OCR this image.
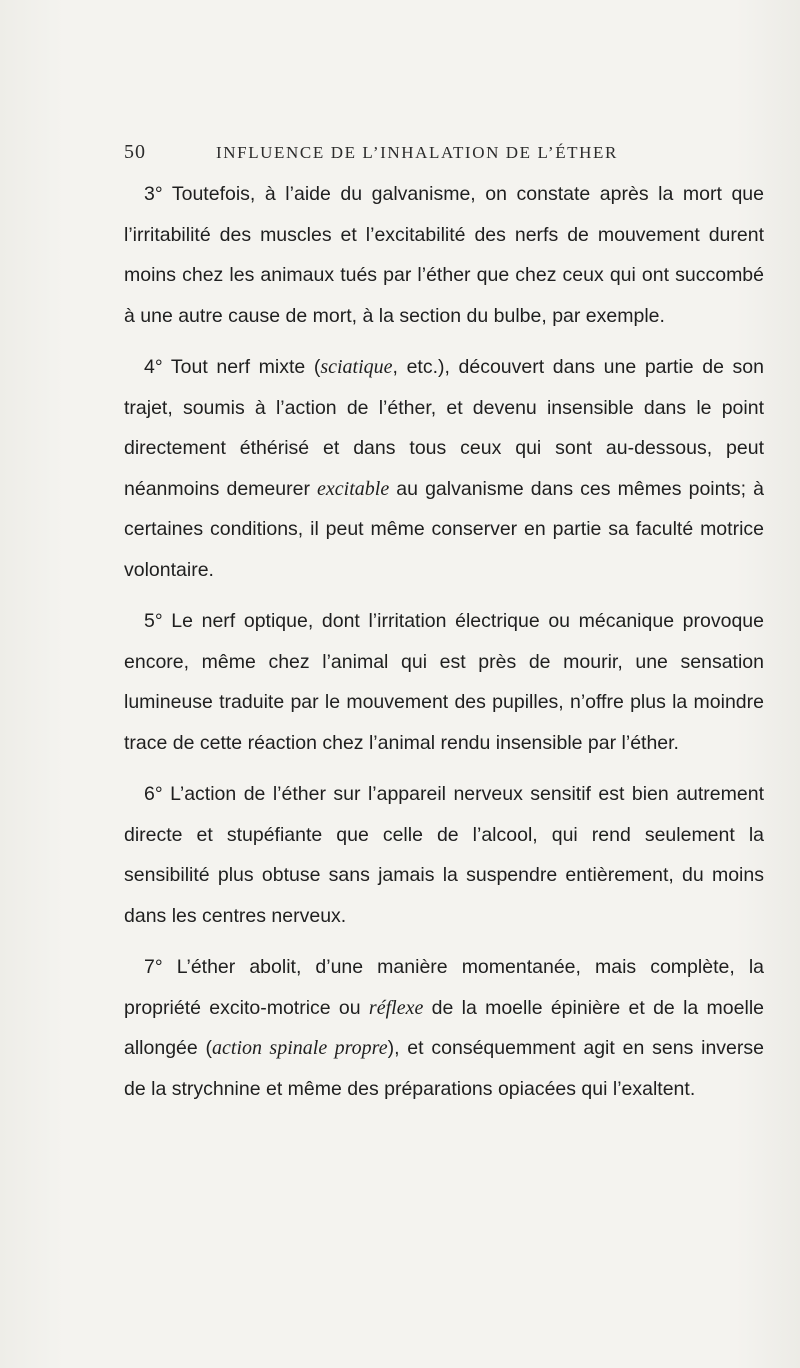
50	INFLUENCE DE L’INHALATION DE L’ÉTHER

3° Toutefois, à l’aide du galvanisme, on constate après la mort que l’irritabilité des muscles et l’excitabilité des nerfs de mouvement durent moins chez les animaux tués par l’éther que chez ceux qui ont succombé à une autre cause de mort, à la section du bulbe, par exemple.

4° Tout nerf mixte (sciatique, etc.), découvert dans une partie de son trajet, soumis à l’action de l’éther, et devenu insensible dans le point directement éthérisé et dans tous ceux qui sont au-dessous, peut néanmoins demeurer excitable au galvanisme dans ces mêmes points; à certaines conditions, il peut même conserver en partie sa faculté motrice volontaire.

5° Le nerf optique, dont l’irritation électrique ou mécanique provoque encore, même chez l’animal qui est près de mourir, une sensation lumineuse traduite par le mouvement des pupilles, n’offre plus la moindre trace de cette réaction chez l’animal rendu insensible par l’éther.

6° L’action de l’éther sur l’appareil nerveux sensitif est bien autrement directe et stupéfiante que celle de l’alcool, qui rend seulement la sensibilité plus obtuse sans jamais la suspendre entièrement, du moins dans les centres nerveux.

7° L’éther abolit, d’une manière momentanée, mais complète, la propriété excito-motrice ou réflexe de la moelle épinière et de la moelle allongée (action spinale propre), et conséquemment agit en sens inverse de la strychnine et même des préparations opiacées qui l’exaltent.
